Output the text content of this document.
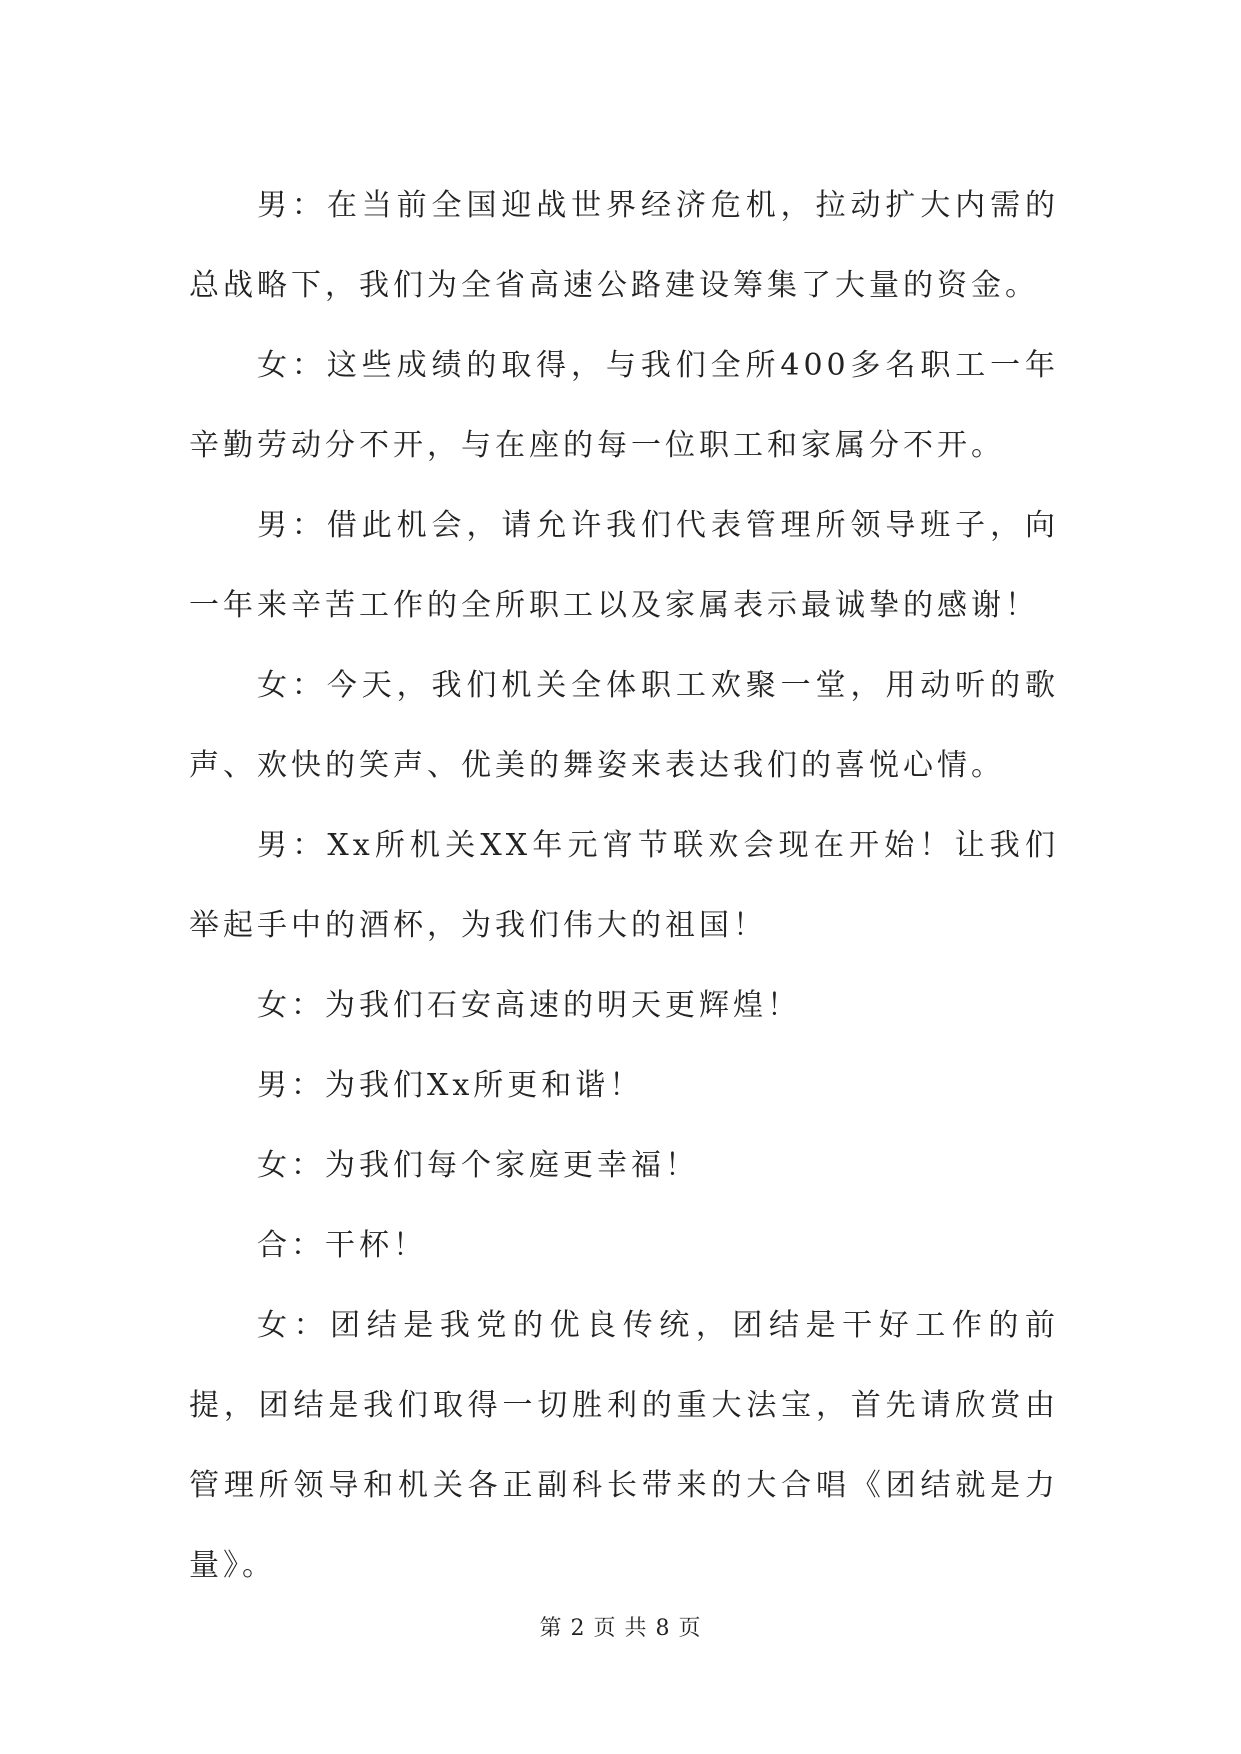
男：在当前全国迎战世界经济危机，拉动扩大内需的总战略下，我们为全省高速公路建设筹集了大量的资金。

女：这些成绩的取得，与我们全所400多名职工一年辛勤劳动分不开，与在座的每一位职工和家属分不开。

男：借此机会，请允许我们代表管理所领导班子，向一年来辛苦工作的全所职工以及家属表示最诚挚的感谢！

女：今天，我们机关全体职工欢聚一堂，用动听的歌声、欢快的笑声、优美的舞姿来表达我们的喜悦心情。

男：Xx所机关XX年元宵节联欢会现在开始！让我们举起手中的酒杯，为我们伟大的祖国！

女：为我们石安高速的明天更辉煌！

男：为我们Xx所更和谐！

女：为我们每个家庭更幸福！

合：干杯！

女：团结是我党的优良传统，团结是干好工作的前提，团结是我们取得一切胜利的重大法宝，首先请欣赏由管理所领导和机关各正副科长带来的大合唱《团结就是力量》。

第 2 页 共 8 页
